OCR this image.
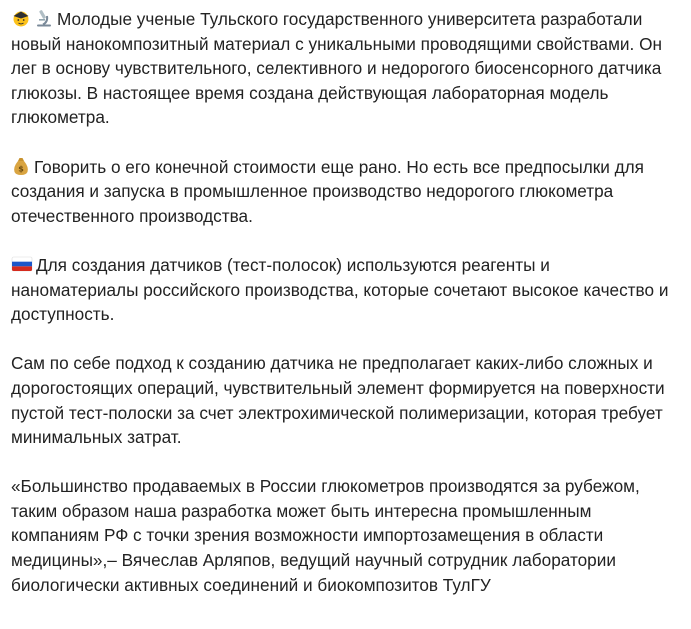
Молодые ученые Тульского государственного университета разработали новый нанокомпозитный материал с уникальными проводящими свойствами. Он лег в основу чувствительного, селективного и недорогого биосенсорного датчика глюкозы. В настоящее время создана действующая лабораторная модель глюкометра.

$ Говорить о его конечной стоимости еще рано. Но есть все предпосылки для создания и запуска в промышленное производство недорогого глюкометра отечественного производства.

Для создания датчиков (тест-полосок) используются реагенты и наноматериалы российского производства, которые сочетают высокое качество и доступность.

Сам по себе подход к созданию датчика не предполагает каких-либо сложных и дорогостоящих операций, чувствительный элемент формируется на поверхности пустой тест-полоски за счет электрохимической полимеризации, которая требует минимальных затрат.

«Большинство продаваемых в России глюкометров производятся за рубежом, таким образом наша разработка может быть интересна промышленным компаниям РФ с точки зрения возможности импортозамещения в области медицины»,– Вячеслав Арляпов, ведущий научный сотрудник лаборатории биологически активных соединений и биокомпозитов ТулГУ
